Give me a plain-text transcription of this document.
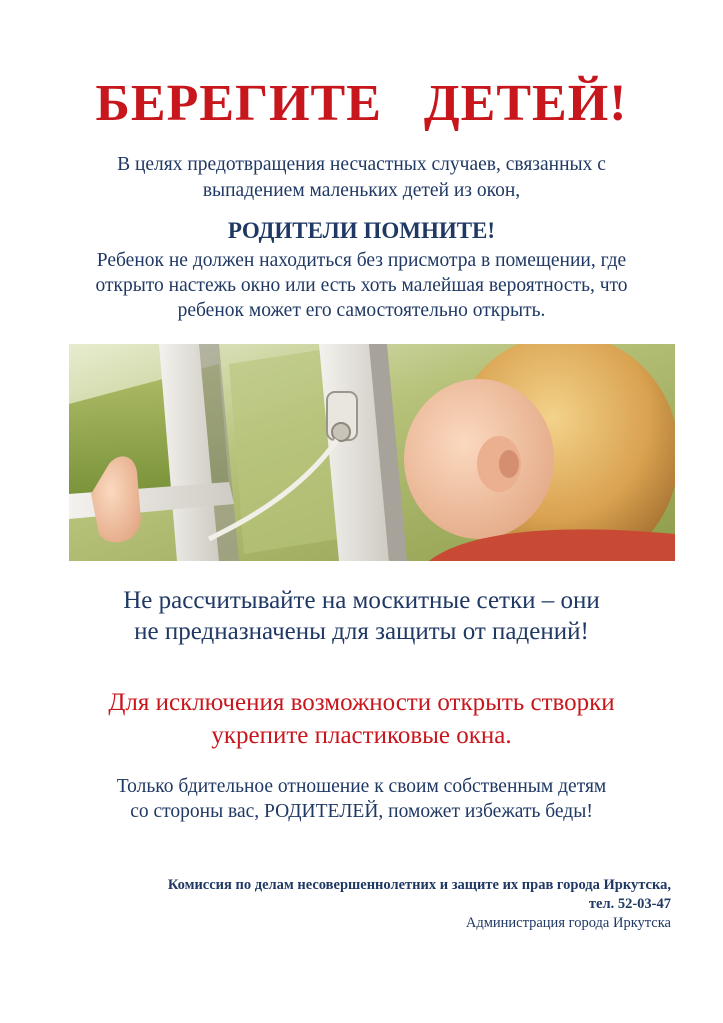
БЕРЕГИТЕ   ДЕТЕЙ!
В целях предотвращения несчастных случаев, связанных с
выпадением маленьких детей из окон,
РОДИТЕЛИ ПОМНИТЕ!
Ребенок не должен находиться без присмотра в помещении, где
открыто настежь окно или есть хоть малейшая вероятность, что
ребенок может его самостоятельно открыть.
Не рассчитывайте на москитные сетки – они
не предназначены для защиты от падений!
Для исключения возможности открыть створки
укрепите пластиковые окна.
Только бдительное отношение к своим собственным детям
со стороны вас, РОДИТЕЛЕЙ, поможет избежать беды!
Комиссия по делам несовершеннолетних и защите их прав города Иркутска,
тел. 52-03-47
Администрация города Иркутска
